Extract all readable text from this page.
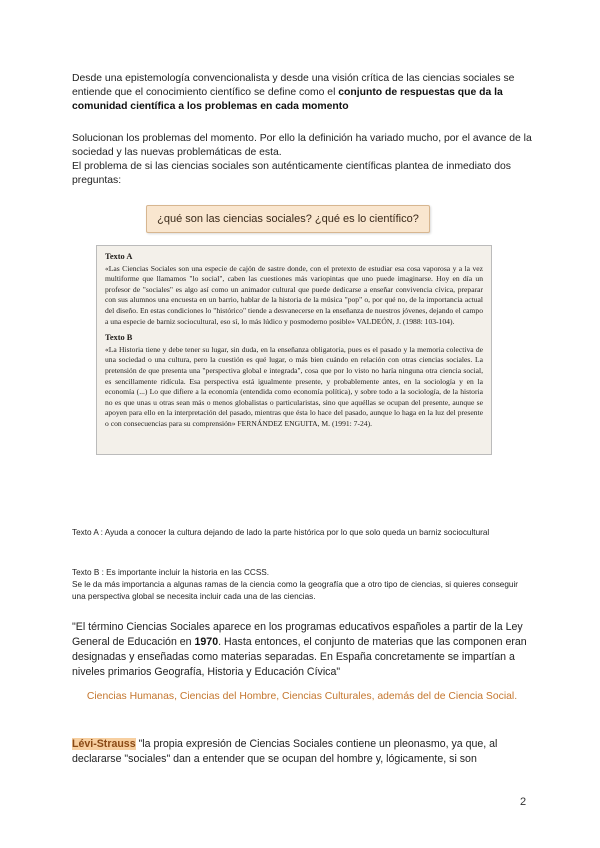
Desde una epistemología convencionalista y desde una visión crítica de las ciencias sociales se entiende que el conocimiento científico se define como el conjunto de respuestas que da la comunidad científica a los problemas en cada momento

Solucionan los problemas del momento. Por ello la definición ha variado mucho, por el avance de la sociedad y las nuevas problemáticas de esta.

El problema de si las ciencias sociales son auténticamente científicas plantea de inmediato dos preguntas:

¿qué son las ciencias sociales? ¿qué es lo científico?

Texto A

«Las Ciencias Sociales son una especie de cajón de sastre donde, con el pretexto de estudiar esa cosa vaporosa y a la vez multiforme que llamamos "lo social", caben las cuestiones más variopintas que uno puede imaginarse. Hoy en día un profesor de "sociales" es algo así como un animador cultural que puede dedicarse a enseñar convivencia cívica, preparar con sus alumnos una encuesta en un barrio, hablar de la historia de la música "pop" o, por qué no, de la importancia actual del diseño. En estas condiciones lo "histórico" tiende a desvanecerse en la enseñanza de nuestros jóvenes, dejando el campo a una especie de barniz sociocultural, eso sí, lo más lúdico y posmoderno posible» VALDEÓN, J. (1988: 103-104).

Texto B

«La Historia tiene y debe tener su lugar, sin duda, en la enseñanza obligatoria, pues es el pasado y la memoria colectiva de una sociedad o una cultura, pero la cuestión es qué lugar, o más bien cuándo en relación con otras ciencias sociales. La pretensión de que presenta una "perspectiva global e integrada", cosa que por lo visto no haría ninguna otra ciencia social, es sencillamente ridícula. Esa perspectiva está igualmente presente, y probablemente antes, en la sociología y en la economía (...) Lo que difiere a la economía (entendida como economía política), y sobre todo a la sociología, de la historia no es que unas u otras sean más o menos globalistas o particularistas, sino que aquéllas se ocupan del presente, aunque se apoyen para ello en la interpretación del pasado, mientras que ésta lo hace del pasado, aunque lo haga en la luz del presente o con consecuencias para su comprensión» FERNÁNDEZ ENGUITA, M. (1991: 7-24).

Texto A : Ayuda a conocer la cultura dejando de lado la parte histórica por lo que solo queda un barniz sociocultural

Texto B : Es importante incluir la historia en las CCSS.

Se le da más importancia a algunas ramas de la ciencia como la geografía que a otro tipo de ciencias, si quieres conseguir una perspectiva global se necesita incluir cada una de las ciencias.

"El término Ciencias Sociales aparece en los programas educativos españoles a partir de la Ley General de Educación en 1970. Hasta entonces, el conjunto de materias que las componen eran designadas y enseñadas como materias separadas. En España concretamente se impartían a niveles primarios Geografía, Historia y Educación Cívica"

Ciencias Humanas, Ciencias del Hombre, Ciencias Culturales, además del de Ciencia Social.

Lévi-Strauss "la propia expresión de Ciencias Sociales contiene un pleonasmo, ya que, al declararse "sociales" dan a entender que se ocupan del hombre y, lógicamente, si son

2
